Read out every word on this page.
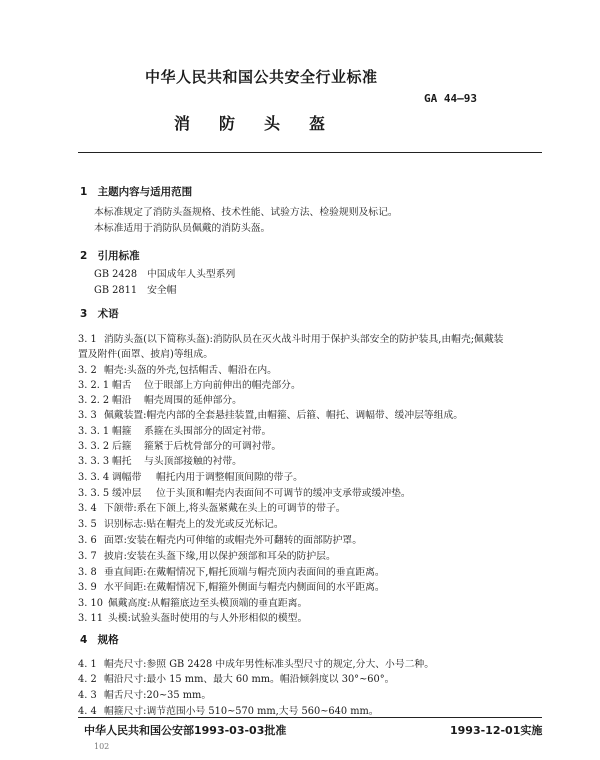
中华人民共和国公共安全行业标准
GA 44—93
消防头盔
1 主题内容与适用范围
本标准规定了消防头盔规格、技术性能、试验方法、检验规则及标记。
本标准适用于消防队员佩戴的消防头盔。
2 引用标准
GB 2428 中国成年人头型系列
GB 2811 安全帽
3 术语
3. 1 消防头盔(以下简称头盔):消防队员在灭火战斗时用于保护头部安全的防护装具,由帽壳;佩戴装
置及附件(面罩、披肩)等组成。
3. 2 帽壳:头盔的外壳,包括帽舌、帽沿在内。
3. 2. 1 帽舌 位于眼部上方向前伸出的帽壳部分。
3. 2. 2 帽沿 帽壳周围的延伸部分。
3. 3 佩戴装置:帽壳内部的全套悬挂装置,由帽箍、后箍、帽托、调幅带、缓冲层等组成。
3. 3. 1 帽箍 系箍在头围部分的固定衬带。
3. 3. 2 后箍 箍紧于后枕骨部分的可调衬带。
3. 3. 3 帽托 与头顶部接触的衬带。
3. 3. 4 调幅带 帽托内用于调整帽顶间隙的带子。
3. 3. 5 缓冲层 位于头顶和帽壳内表面间不可调节的缓冲支承带或缓冲垫。
3. 4 下颌带:系在下颌上,将头盔紧戴在头上的可调节的带子。
3. 5 识别标志:贴在帽壳上的发光或反光标记。
3. 6 面罩:安装在帽壳内可伸缩的或帽壳外可翻转的面部防护罩。
3. 7 披肩:安装在头盔下缘,用以保护颈部和耳朵的防护层。
3. 8 垂直间距:在戴帽情况下,帽托顶端与帽壳顶内表面间的垂直距离。
3. 9 水平间距:在戴帽情况下,帽箍外侧面与帽壳内侧面间的水平距离。
3. 10 佩戴高度:从帽箍底边至头模顶端的垂直距离。
3. 11 头模:试验头盔时使用的与人外形相似的模型。
4 规格
4. 1 帽壳尺寸:参照 GB 2428 中成年男性标准头型尺寸的规定,分大、小号二种。
4. 2 帽沿尺寸:最小 15 mm、最大 60 mm。帽沿倾斜度以 30°~60°。
4. 3 帽舌尺寸:20~35 mm。
4. 4 帽箍尺寸:调节范围小号 510~570 mm,大号 560~640 mm。
中华人民共和国公安部1993-03-03批准	1993-12-01实施
102
